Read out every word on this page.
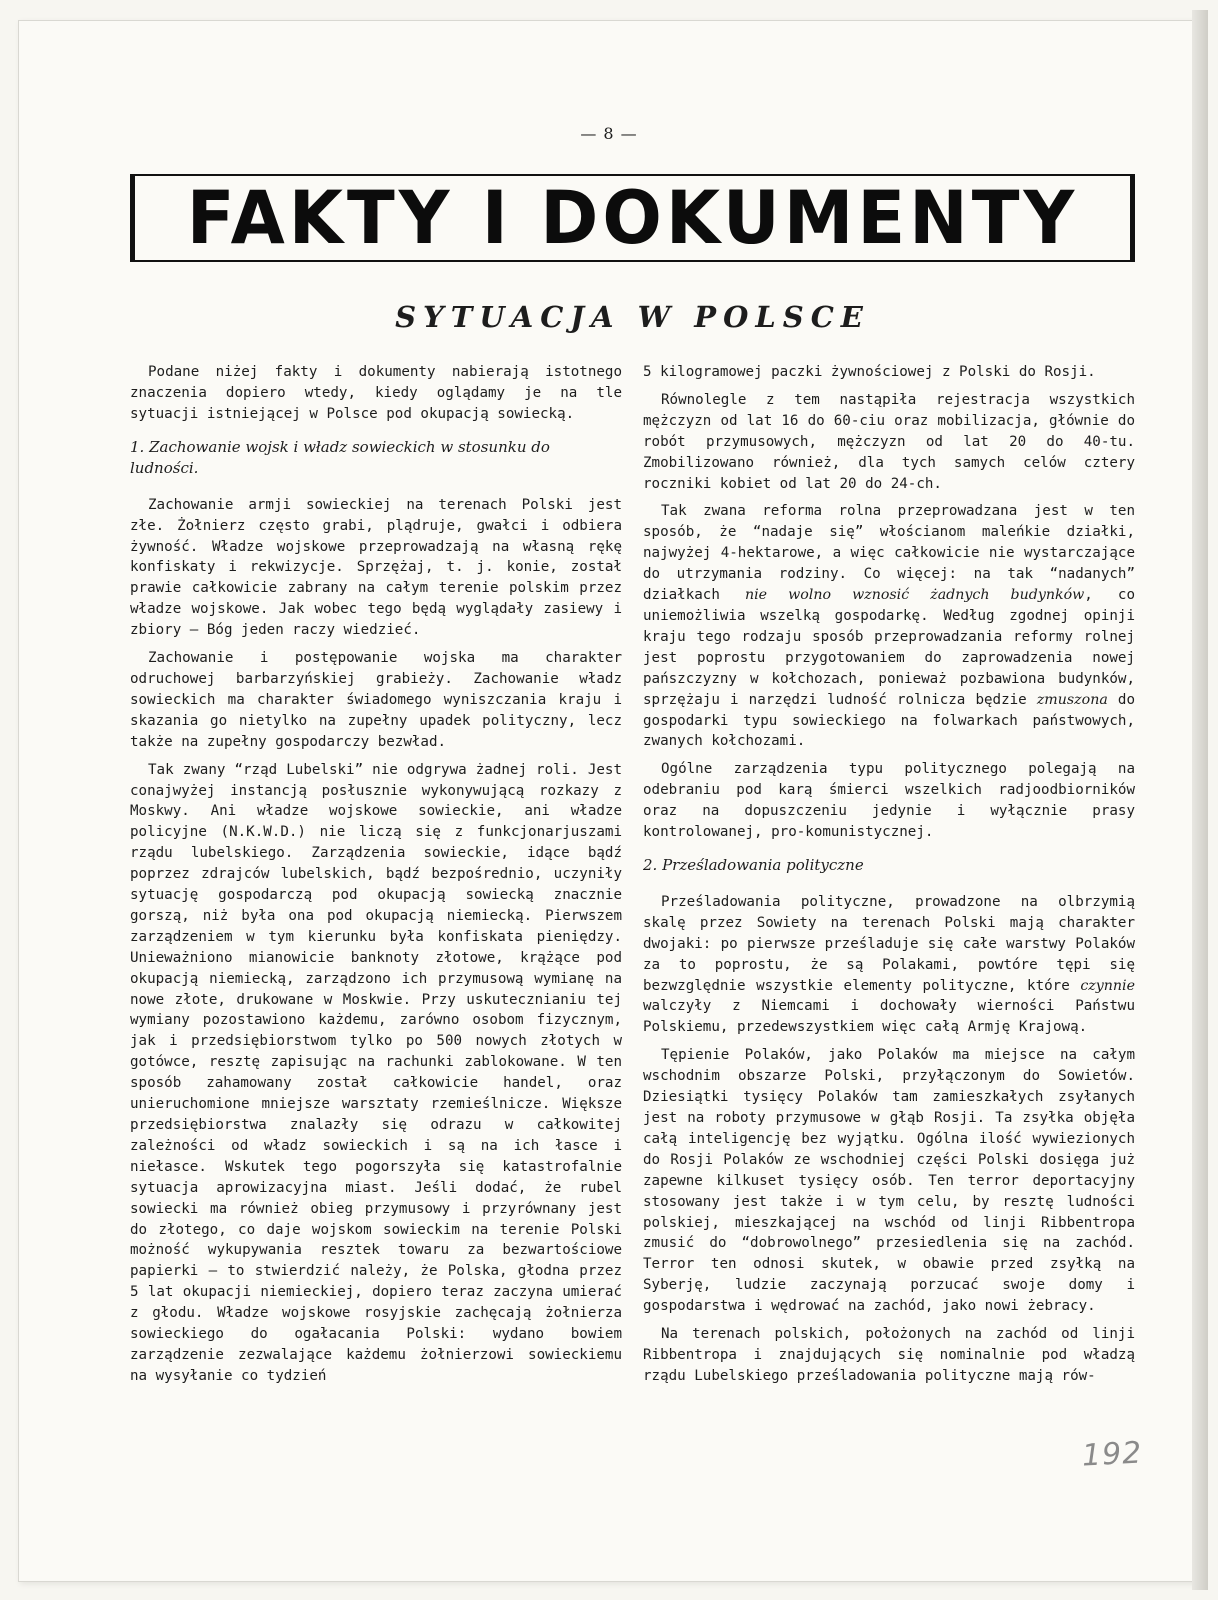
— 8 —
FAKTY I DOKUMENTY
SYTUACJA W POLSCE

Podane niżej fakty i dokumenty nabierają istotnego znaczenia dopiero wtedy, kiedy oglądamy je na tle sytuacji istniejącej w Polsce pod okupacją sowiecką.

1. Zachowanie wojsk i władz sowieckich w stosunku do ludności.

Zachowanie armji sowieckiej na terenach Polski jest złe. Żołnierz często grabi, plądruje, gwałci i odbiera żywność. Władze wojskowe przeprowadzają na własną rękę konfiskaty i rekwizycje. Sprzężaj, t. j. konie, został prawie całkowicie zabrany na całym terenie polskim przez władze wojskowe. Jak wobec tego będą wyglądały zasiewy i zbiory — Bóg jeden raczy wiedzieć.

Zachowanie i postępowanie wojska ma charakter odruchowej barbarzyńskiej grabieży. Zachowanie władz sowieckich ma charakter świadomego wyniszczania kraju i skazania go nietylko na zupełny upadek polityczny, lecz także na zupełny gospodarczy bezwład.

Tak zwany “rząd Lubelski” nie odgrywa żadnej roli. Jest conajwyżej instancją posłusznie wykonywującą rozkazy z Moskwy. Ani władze wojskowe sowieckie, ani władze policyjne (N.K.W.D.) nie liczą się z funkcjonarjuszami rządu lubelskiego. Zarządzenia sowieckie, idące bądź poprzez zdrajców lubelskich, bądź bezpośrednio, uczyniły sytuację gospodarczą pod okupacją sowiecką znacznie gorszą, niż była ona pod okupacją niemiecką. Pierwszem zarządzeniem w tym kierunku była konfiskata pieniędzy. Unieważniono mianowicie banknoty złotowe, krążące pod okupacją niemiecką, zarządzono ich przymusową wymianę na nowe złote, drukowane w Moskwie. Przy uskutecznianiu tej wymiany pozostawiono każdemu, zarówno osobom fizycznym, jak i przedsiębiorstwom tylko po 500 nowych złotych w gotówce, resztę zapisując na rachunki zablokowane. W ten sposób zahamowany został całkowicie handel, oraz unieruchomione mniejsze warsztaty rzemieślnicze. Większe przedsiębiorstwa znalazły się odrazu w całkowitej zależności od władz sowieckich i są na ich łasce i niełasce. Wskutek tego pogorszyła się katastrofalnie sytuacja aprowizacyjna miast. Jeśli dodać, że rubel sowiecki ma również obieg przymusowy i przyrównany jest do złotego, co daje wojskom sowieckim na terenie Polski możność wykupywania resztek towaru za bezwartościowe papierki — to stwierdzić należy, że Polska, głodna przez 5 lat okupacji niemieckiej, dopiero teraz zaczyna umierać z głodu. Władze wojskowe rosyjskie zachęcają żołnierza sowieckiego do ogałacania Polski: wydano bowiem zarządzenie zezwalające każdemu żołnierzowi sowieckiemu na wysyłanie co tydzień

5 kilogramowej paczki żywnościowej z Polski do Rosji.

Równolegle z tem nastąpiła rejestracja wszystkich mężczyzn od lat 16 do 60-ciu oraz mobilizacja, głównie do robót przymusowych, mężczyzn od lat 20 do 40-tu. Zmobilizowano również, dla tych samych celów cztery roczniki kobiet od lat 20 do 24-ch.

Tak zwana reforma rolna przeprowadzana jest w ten sposób, że “nadaje się” włościanom maleńkie działki, najwyżej 4-hektarowe, a więc całkowicie nie wystarczające do utrzymania rodziny. Co więcej: na tak “nadanych” działkach nie wolno wznosić żadnych budynków, co uniemożliwia wszelką gospodarkę. Według zgodnej opinji kraju tego rodzaju sposób przeprowadzania reformy rolnej jest poprostu przygotowaniem do zaprowadzenia nowej pańszczyzny w kołchozach, ponieważ pozbawiona budynków, sprzężaju i narzędzi ludność rolnicza będzie zmuszona do gospodarki typu sowieckiego na folwarkach państwowych, zwanych kołchozami.

Ogólne zarządzenia typu politycznego polegają na odebraniu pod karą śmierci wszelkich radjoodbiorników oraz na dopuszczeniu jedynie i wyłącznie prasy kontrolowanej, pro-komunistycznej.

2. Prześladowania polityczne

Prześladowania polityczne, prowadzone na olbrzymią skalę przez Sowiety na terenach Polski mają charakter dwojaki: po pierwsze prześladuje się całe warstwy Polaków za to poprostu, że są Polakami, powtóre tępi się bezwzględnie wszystkie elementy polityczne, które czynnie walczyły z Niemcami i dochowały wierności Państwu Polskiemu, przedewszystkiem więc całą Armję Krajową.

Tępienie Polaków, jako Polaków ma miejsce na całym wschodnim obszarze Polski, przyłączonym do Sowietów. Dziesiątki tysięcy Polaków tam zamieszkałych zsyłanych jest na roboty przymusowe w głąb Rosji. Ta zsyłka objęła całą inteligencję bez wyjątku. Ogólna ilość wywiezionych do Rosji Polaków ze wschodniej części Polski dosięga już zapewne kilkuset tysięcy osób. Ten terror deportacyjny stosowany jest także i w tym celu, by resztę ludności polskiej, mieszkającej na wschód od linji Ribbentropa zmusić do “dobrowolnego” przesiedlenia się na zachód. Terror ten odnosi skutek, w obawie przed zsyłką na Syberję, ludzie zaczynają porzucać swoje domy i gospodarstwa i wędrować na zachód, jako nowi żebracy.

Na terenach polskich, położonych na zachód od linji Ribbentropa i znajdujących się nominalnie pod władzą rządu Lubelskiego prześladowania polityczne mają rów-

192
